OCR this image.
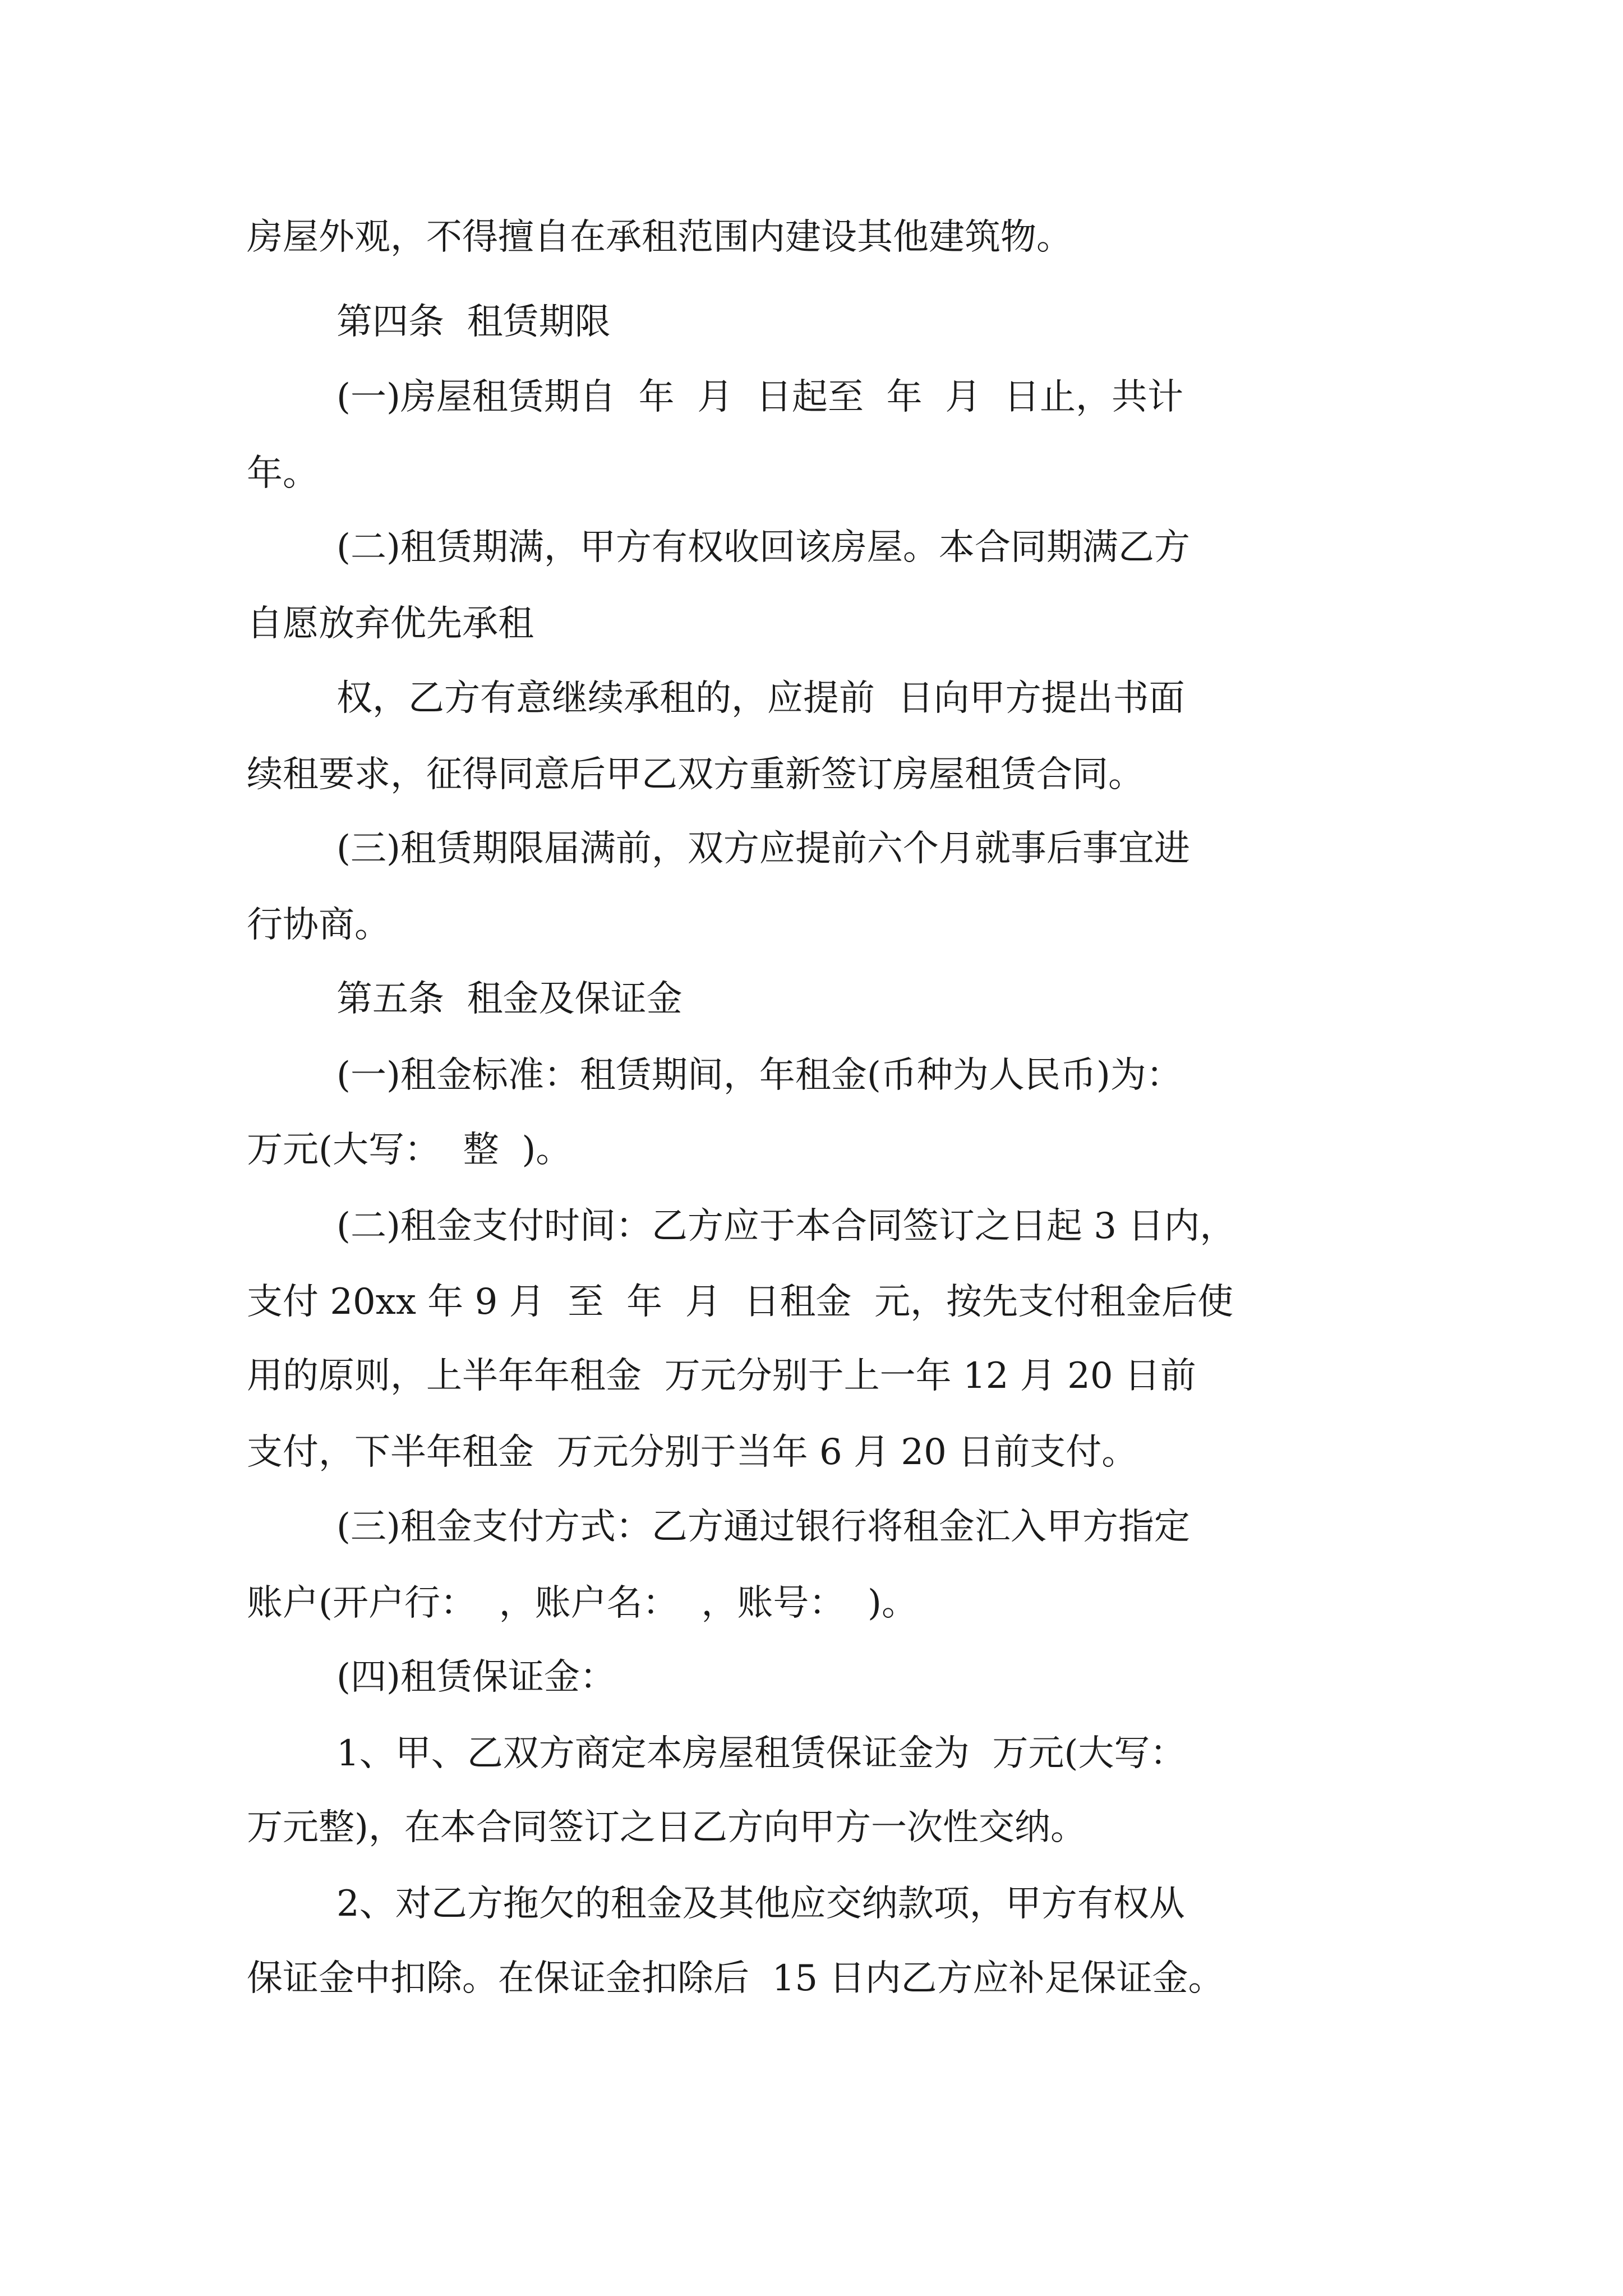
房屋外观，不得擅自在承租范围内建设其他建筑物。

第四条  租赁期限

(一)房屋租赁期自  年  月  日起至  年  月  日止，共计

年。

(二)租赁期满，甲方有权收回该房屋。本合同期满乙方

自愿放弃优先承租

权，乙方有意继续承租的，应提前  日向甲方提出书面

续租要求，征得同意后甲乙双方重新签订房屋租赁合同。

(三)租赁期限届满前，双方应提前六个月就事后事宜进

行协商。

第五条  租金及保证金

(一)租金标准：租赁期间，年租金(币种为人民币)为：

万元(大写：  整  )。

(二)租金支付时间：乙方应于本合同签订之日起 3 日内，

支付 20xx 年 9 月  至  年  月  日租金  元，按先支付租金后使

用的原则，上半年年租金  万元分别于上一年 12 月 20 日前

支付，下半年租金  万元分别于当年 6 月 20 日前支付。

(三)租金支付方式：乙方通过银行将租金汇入甲方指定

账户(开户行：  ，账户名：  ，账号：  )。

(四)租赁保证金：

1、甲、乙双方商定本房屋租赁保证金为  万元(大写：

万元整)，在本合同签订之日乙方向甲方一次性交纳。

2、对乙方拖欠的租金及其他应交纳款项，甲方有权从

保证金中扣除。在保证金扣除后  15 日内乙方应补足保证金。
